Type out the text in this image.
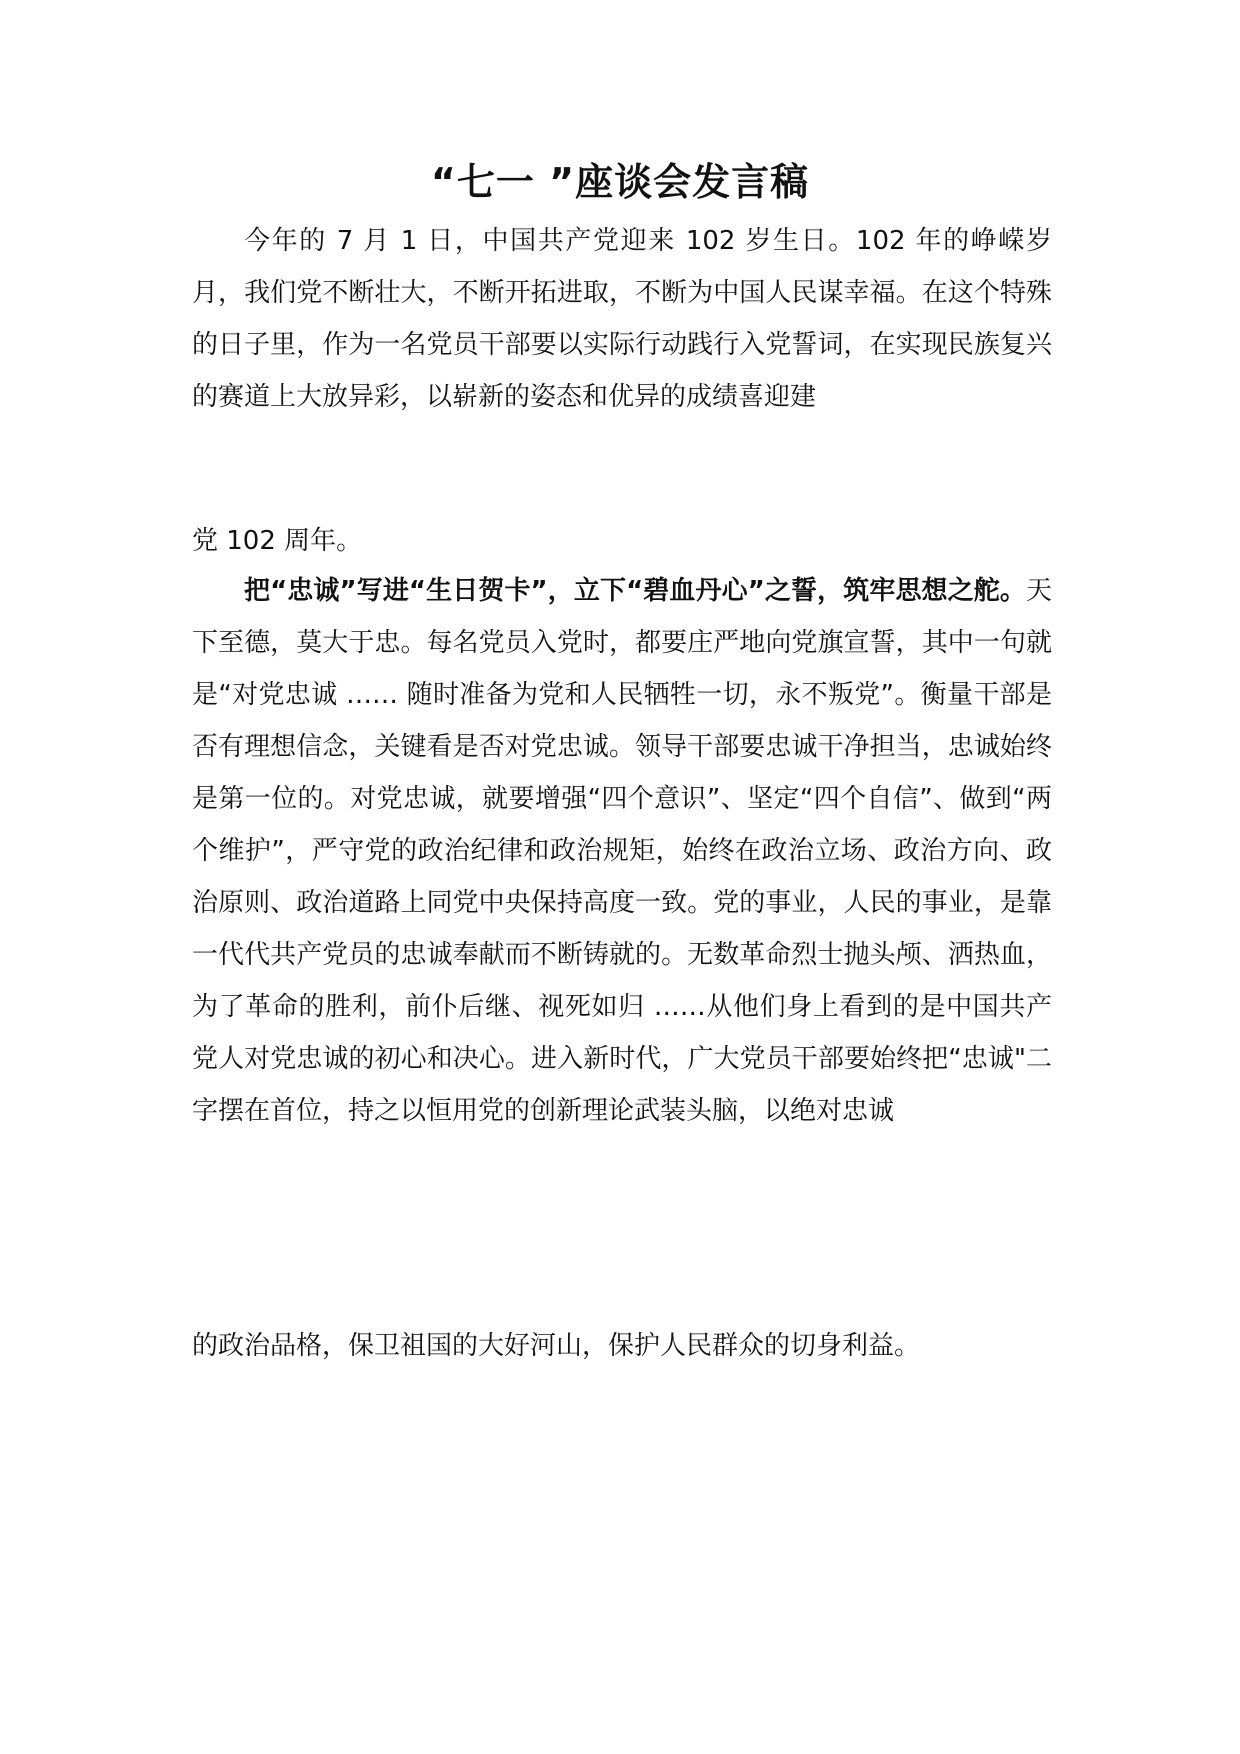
“七一 ”座谈会发言稿

今年的 7 月 1 日，中国共产党迎来 102 岁生日。102 年的峥嵘岁月，我们党不断壮大，不断开拓进取，不断为中国人民谋幸福。在这个特殊的日子里，作为一名党员干部要以实际行动践行入党誓词，在实现民族复兴的赛道上大放异彩，以崭新的姿态和优异的成绩喜迎建

党 102 周年。

把“忠诚”写进“生日贺卡”，立下“碧血丹心”之誓，筑牢思想之舵。天下至德，莫大于忠。每名党员入党时，都要庄严地向党旗宣誓，其中一句就是“对党忠诚 …… 随时准备为党和人民牺牲一切，永不叛党”。衡量干部是否有理想信念，关键看是否对党忠诚。领导干部要忠诚干净担当，忠诚始终是第一位的。对党忠诚，就要增强“四个意识”、坚定“四个自信”、做到“两个维护”，严守党的政治纪律和政治规矩，始终在政治立场、政治方向、政治原则、政治道路上同党中央保持高度一致。党的事业，人民的事业，是靠一代代共产党员的忠诚奉献而不断铸就的。无数革命烈士抛头颅、洒热血，为了革命的胜利，前仆后继、视死如归 ……从他们身上看到的是中国共产党人对党忠诚的初心和决心。进入新时代，广大党员干部要始终把“忠诚"二字摆在首位，持之以恒用党的创新理论武装头脑，以绝对忠诚

的政治品格，保卫祖国的大好河山，保护人民群众的切身利益。
